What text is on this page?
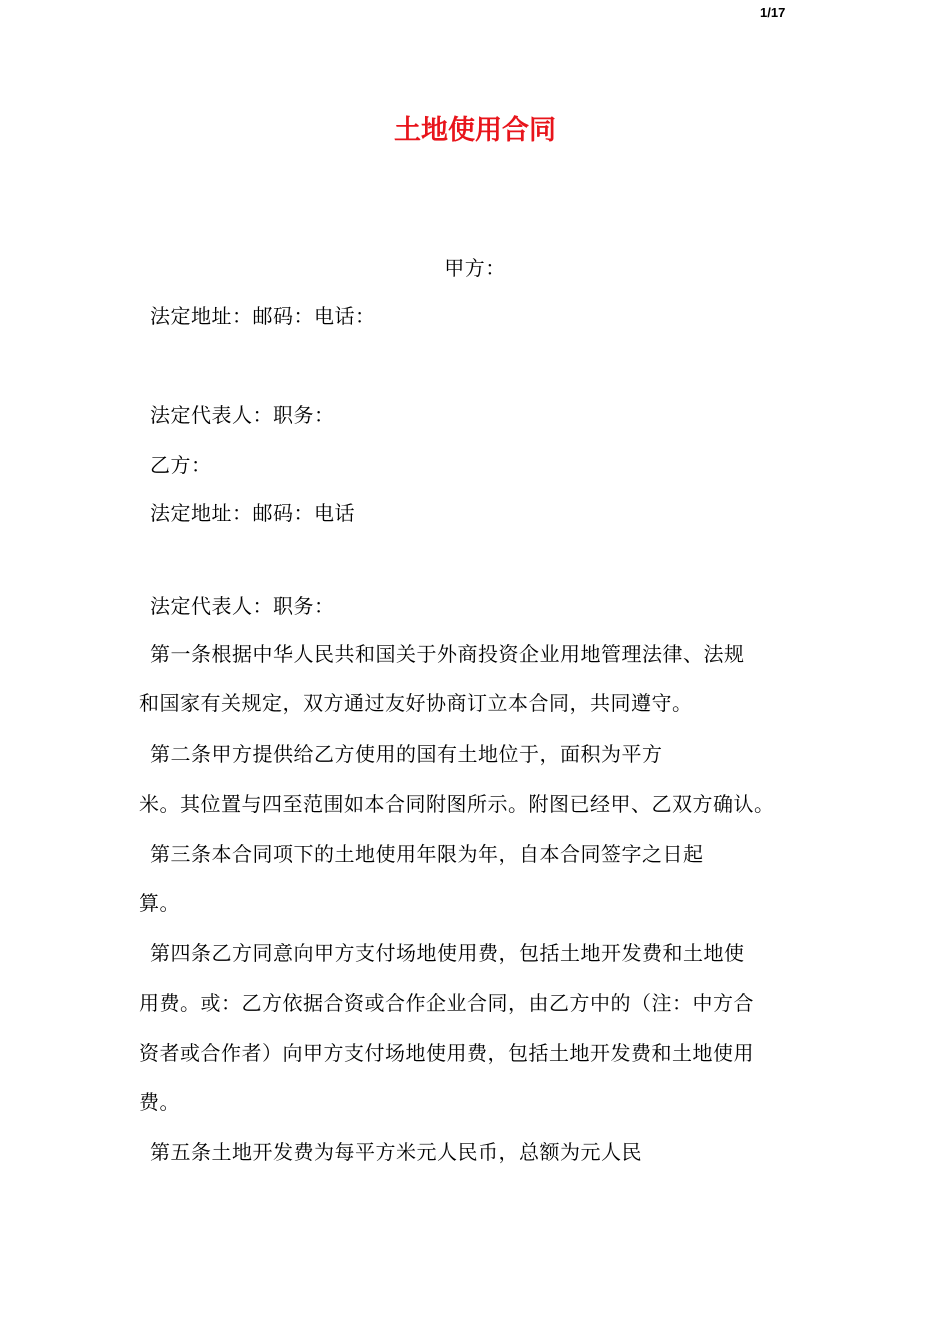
1/17
土地使用合同
甲方：
法定地址：邮码：电话：
法定代表人：职务：
乙方：
法定地址：邮码：电话
法定代表人：职务：
第一条根据中华人民共和国关于外商投资企业用地管理法律、法规
和国家有关规定，双方通过友好协商订立本合同，共同遵守。
第二条甲方提供给乙方使用的国有土地位于，面积为平方
米。其位置与四至范围如本合同附图所示。附图已经甲、乙双方确认。
第三条本合同项下的土地使用年限为年，自本合同签字之日起
算。
第四条乙方同意向甲方支付场地使用费，包括土地开发费和土地使
用费。或：乙方依据合资或合作企业合同，由乙方中的（注：中方合
资者或合作者）向甲方支付场地使用费，包括土地开发费和土地使用
费。
第五条土地开发费为每平方米元人民币，总额为元人民
